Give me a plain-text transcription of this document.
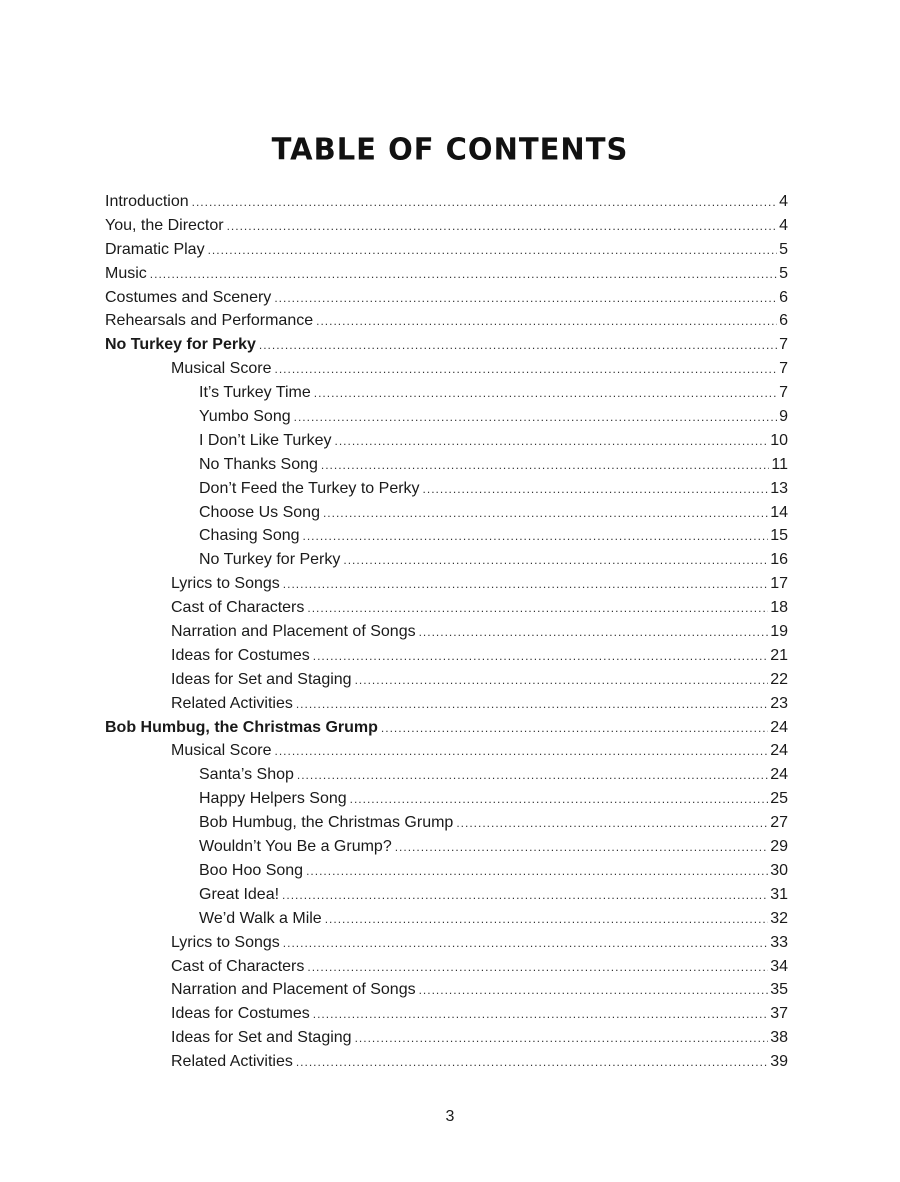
TABLE OF CONTENTS
Introduction .....	4
You, the Director .....	4
Dramatic Play .....	5
Music .....	5
Costumes and Scenery .....	6
Rehearsals and Performance .....	6
No Turkey for Perky .....	7
Musical Score .....	7
It’s Turkey Time .....	7
Yumbo Song .....	9
I Don’t Like Turkey .....	10
No Thanks Song .....	11
Don’t Feed the Turkey to Perky .....	13
Choose Us Song .....	14
Chasing Song .....	15
No Turkey for Perky .....	16
Lyrics to Songs .....	17
Cast of Characters .....	18
Narration and Placement of Songs .....	19
Ideas for Costumes .....	21
Ideas for Set and Staging .....	22
Related Activities .....	23
Bob Humbug, the Christmas Grump .....	24
Musical Score .....	24
Santa’s Shop .....	24
Happy Helpers Song .....	25
Bob Humbug, the Christmas Grump .....	27
Wouldn’t You Be a Grump? .....	29
Boo Hoo Song .....	30
Great Idea! .....	31
We’d Walk a Mile .....	32
Lyrics to Songs .....	33
Cast of Characters .....	34
Narration and Placement of Songs .....	35
Ideas for Costumes .....	37
Ideas for Set and Staging .....	38
Related Activities .....	39
3
